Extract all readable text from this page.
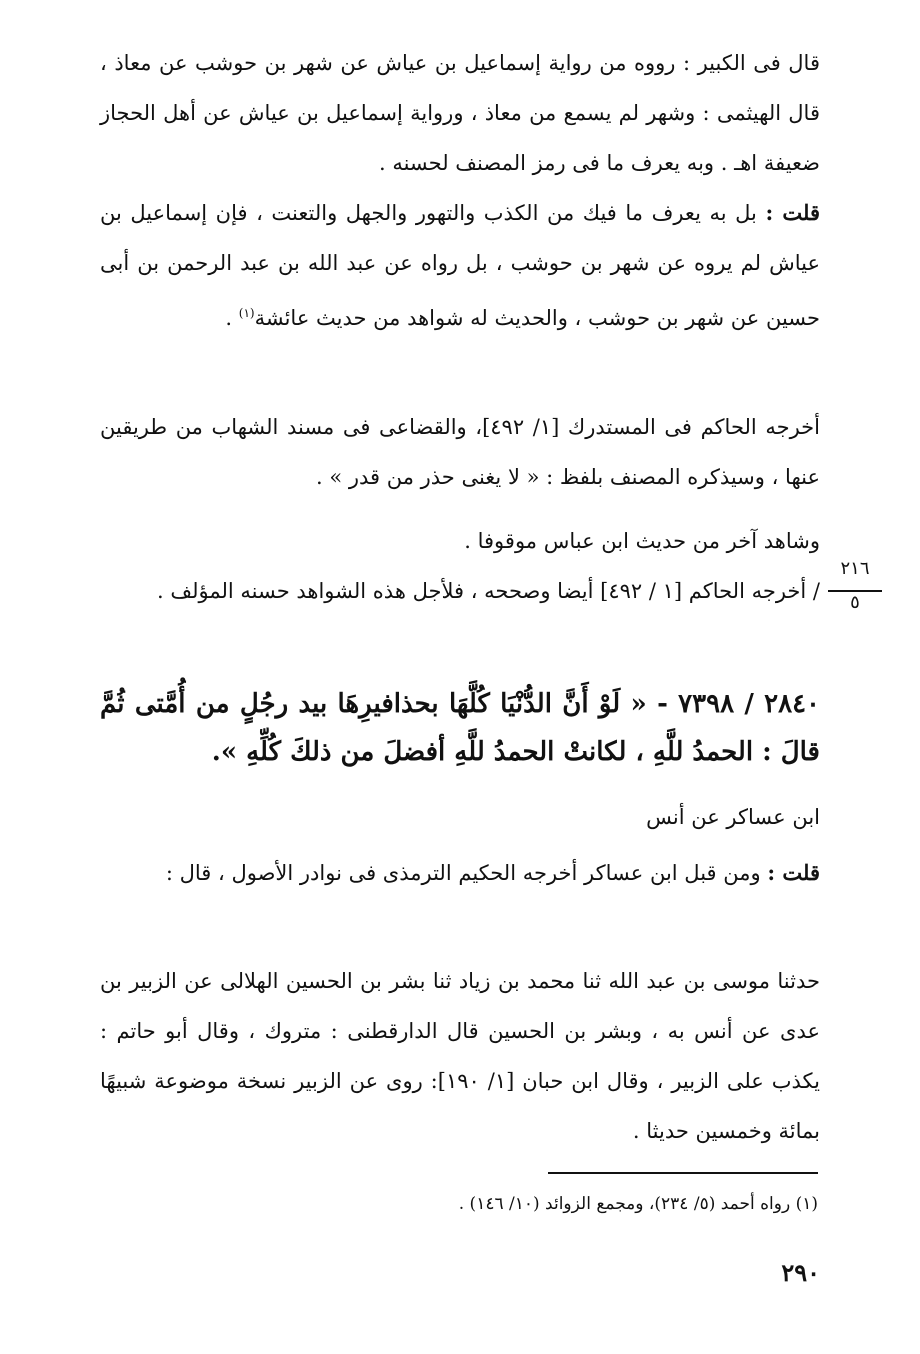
قال فى الكبير : رووه من رواية إسماعيل بن عياش عن شهر بن حوشب عن معاذ ، قال الهيثمى : وشهر لم يسمع من معاذ ، ورواية إسماعيل بن عياش عن أهل الحجاز ضعيفة اهـ . وبه يعرف ما فى رمز المصنف لحسنه .

قلت : بل به يعرف ما فيك من الكذب والتهور والجهل والتعنت ، فإن إسماعيل بن عياش لم يروه عن شهر بن حوشب ، بل رواه عن عبد الله بن عبد الرحمن بن أبى حسين عن شهر بن حوشب ، والحديث له شواهد من حديث عائشة$^{(١)}$ .

أخرجه الحاكم فى المستدرك [١/ ٤٩٢]، والقضاعى فى مسند الشهاب من طريقين عنها ، وسيذكره المصنف بلفظ : « لا يغنى حذر من قدر » .

وشاهد آخر من حديث ابن عباس موقوفا .

/ أخرجه الحاكم [١ / ٤٩٢] أيضا وصححه ، فلأجل هذه الشواهد حسنه المؤلف .

٢١٦
٥

٢٨٤٠ / ٧٣٩٨ - « لَوْ أَنَّ الدُّنْيَا كُلَّهَا بحذافيرِهَا بيد رجُلٍ من أُمَّتى ثُمَّ قالَ : الحمدُ للَّهِ ، لكانتْ الحمدُ للَّهِ أفضلَ من ذلكَ كُلِّهِ ».

ابن عساكر عن أنس

قلت : ومن قبل ابن عساكر أخرجه الحكيم الترمذى فى نوادر الأصول ، قال :

حدثنا موسى بن عبد الله ثنا محمد بن زياد ثنا بشر بن الحسين الهلالى عن الزبير بن عدى عن أنس به ، وبشر بن الحسين قال الدارقطنى : متروك ، وقال أبو حاتم : يكذب على الزبير ، وقال ابن حبان [١/ ١٩٠]: روى عن الزبير نسخة موضوعة شبيهًا بمائة وخمسين حديثا .

(١) رواه أحمد (٥/ ٢٣٤)، ومجمع الزوائد (١٠/ ١٤٦) .
٢٩٠
